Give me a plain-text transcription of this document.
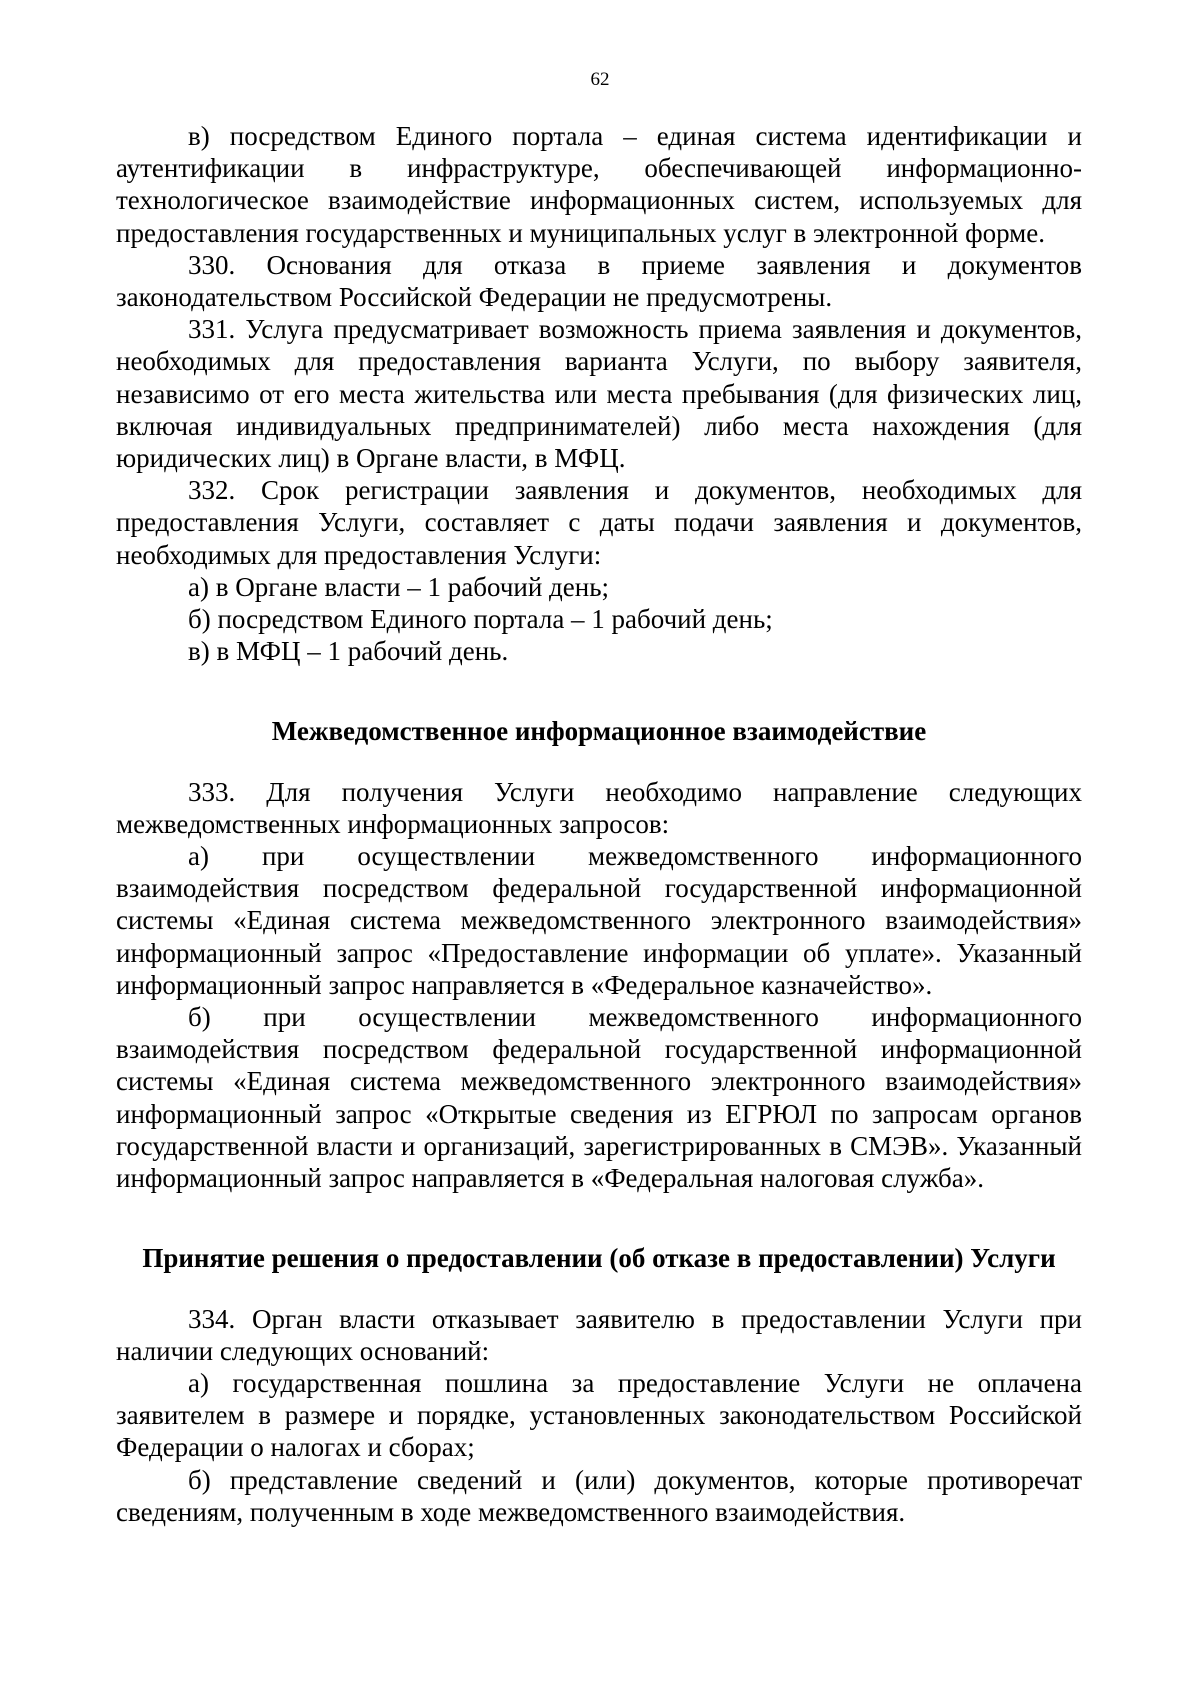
62

в) посредством Единого портала – единая система идентификации и аутентификации в инфраструктуре, обеспечивающей информационно-технологическое взаимодействие информационных систем, используемых для предоставления государственных и муниципальных услуг в электронной форме.

330. Основания для отказа в приеме заявления и документов законодательством Российской Федерации не предусмотрены.

331. Услуга предусматривает возможность приема заявления и документов, необходимых для предоставления варианта Услуги, по выбору заявителя, независимо от его места жительства или места пребывания (для физических лиц, включая индивидуальных предпринимателей) либо места нахождения (для юридических лиц) в Органе власти, в МФЦ.

332. Срок регистрации заявления и документов, необходимых для предоставления Услуги, составляет с даты подачи заявления и документов, необходимых для предоставления Услуги:

а) в Органе власти – 1 рабочий день;

б) посредством Единого портала – 1 рабочий день;

в) в МФЦ – 1 рабочий день.

Межведомственное информационное взаимодействие

333. Для получения Услуги необходимо направление следующих межведомственных информационных запросов:

а) при осуществлении межведомственного информационного взаимодействия посредством федеральной государственной информационной системы «Единая система межведомственного электронного взаимодействия» информационный запрос «Предоставление информации об уплате». Указанный информационный запрос направляется в «Федеральное казначейство».

б) при осуществлении межведомственного информационного взаимодействия посредством федеральной государственной информационной системы «Единая система межведомственного электронного взаимодействия» информационный запрос «Открытые сведения из ЕГРЮЛ по запросам органов государственной власти и организаций, зарегистрированных в СМЭВ». Указанный информационный запрос направляется в «Федеральная налоговая служба».

Принятие решения о предоставлении (об отказе в предоставлении) Услуги

334. Орган власти отказывает заявителю в предоставлении Услуги при наличии следующих оснований:

а) государственная пошлина за предоставление Услуги не оплачена заявителем в размере и порядке, установленных законодательством Российской Федерации о налогах и сборах;

б) представление сведений и (или) документов, которые противоречат сведениям, полученным в ходе межведомственного взаимодействия.
